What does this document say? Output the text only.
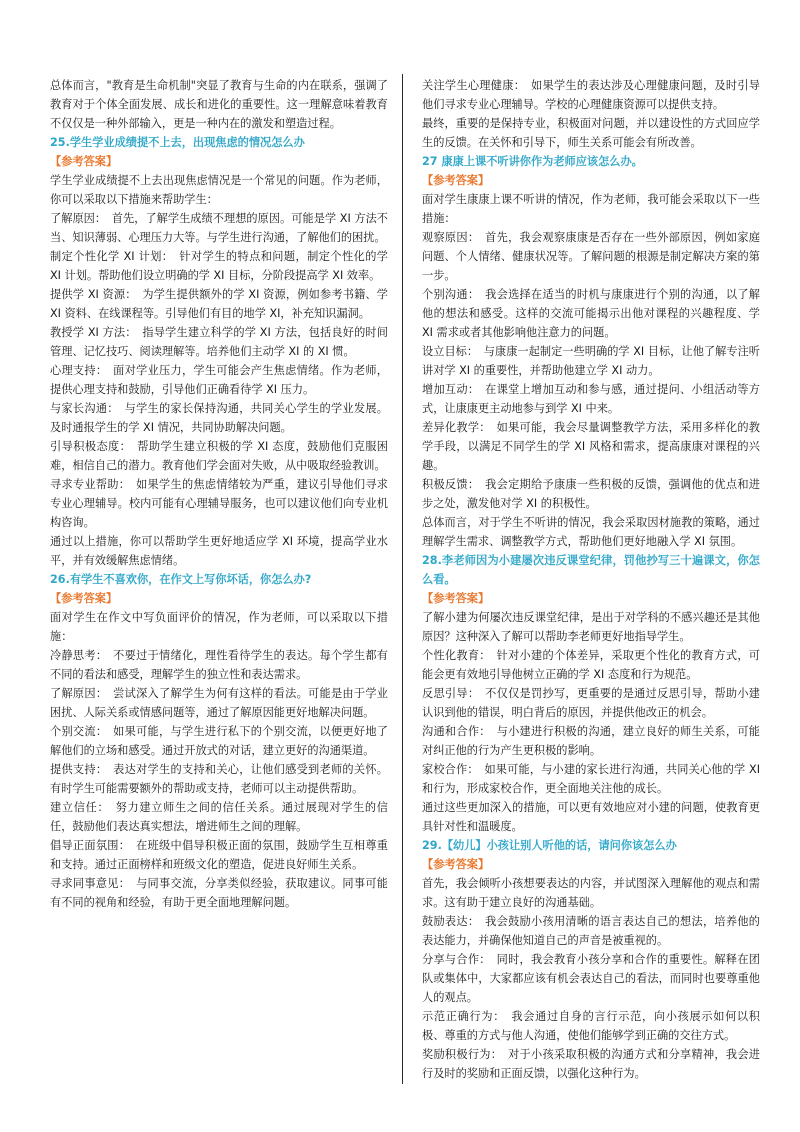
总体而言，"教育是生命机制"突显了教育与生命的内在联系，强调了教育对于个体全面发展、成长和进化的重要性。这一理解意味着教育不仅仅是一种外部输入，更是一种内在的激发和塑造过程。

25.学生学业成绩提不上去，出现焦虑的情况怎么办

【参考答案】

学生学业成绩提不上去出现焦虑情况是一个常见的问题。作为老师，你可以采取以下措施来帮助学生：

了解原因：　首先，了解学生成绩不理想的原因。可能是学 XI 方法不当、知识薄弱、心理压力大等。与学生进行沟通，了解他们的困扰。

制定个性化学 XI 计划：　针对学生的特点和问题，制定个性化的学 XI 计划。帮助他们设立明确的学 XI 目标，分阶段提高学 XI 效率。

提供学 XI 资源：　为学生提供额外的学 XI 资源，例如参考书籍、学 XI 资料、在线课程等。引导他们有目的地学 XI，补充知识漏洞。

教授学 XI 方法：　指导学生建立科学的学 XI 方法，包括良好的时间管理、记忆技巧、阅读理解等。培养他们主动学 XI 的 XI 惯。

心理支持：　面对学业压力，学生可能会产生焦虑情绪。作为老师，提供心理支持和鼓励，引导他们正确看待学 XI 压力。

与家长沟通：　与学生的家长保持沟通，共同关心学生的学业发展。及时通报学生的学 XI 情况，共同协助解决问题。

引导积极态度：　帮助学生建立积极的学 XI 态度，鼓励他们克服困难，相信自己的潜力。教育他们学会面对失败，从中吸取经验教训。

寻求专业帮助：　如果学生的焦虑情绪较为严重，建议引导他们寻求专业心理辅导。校内可能有心理辅导服务，也可以建议他们向专业机构咨询。

通过以上措施，你可以帮助学生更好地适应学 XI 环境，提高学业水平，并有效缓解焦虑情绪。

26.有学生不喜欢你，在作文上写你坏话，你怎么办?

【参考答案】

面对学生在作文中写负面评价的情况，作为老师，可以采取以下措施：

冷静思考：　不要过于情绪化，理性看待学生的表达。每个学生都有不同的看法和感受，理解学生的独立性和表达需求。

了解原因：　尝试深入了解学生为何有这样的看法。可能是由于学业困扰、人际关系或情感问题等，通过了解原因能更好地解决问题。

个别交流：　如果可能，与学生进行私下的个别交流，以便更好地了解他们的立场和感受。通过开放式的对话，建立更好的沟通渠道。

提供支持：　表达对学生的支持和关心，让他们感受到老师的关怀。有时学生可能需要额外的帮助或支持，老师可以主动提供帮助。

建立信任：　努力建立师生之间的信任关系。通过展现对学生的信任，鼓励他们表达真实想法，增进师生之间的理解。

倡导正面氛围：　在班级中倡导积极正面的氛围，鼓励学生互相尊重和支持。通过正面榜样和班级文化的塑造，促进良好师生关系。

寻求同事意见：　与同事交流，分享类似经验，获取建议。同事可能有不同的视角和经验，有助于更全面地理解问题。

关注学生心理健康：　如果学生的表达涉及心理健康问题，及时引导他们寻求专业心理辅导。学校的心理健康资源可以提供支持。

最终，重要的是保持专业，积极面对问题，并以建设性的方式回应学生的反馈。在关怀和引导下，师生关系可能会有所改善。

27 康康上课不听讲你作为老师应该怎么办。

【参考答案】

面对学生康康上课不听讲的情况，作为老师，我可能会采取以下一些措施：

观察原因：　首先，我会观察康康是否存在一些外部原因，例如家庭问题、个人情绪、健康状况等。了解问题的根源是制定解决方案的第一步。

个别沟通：　我会选择在适当的时机与康康进行个别的沟通，以了解他的想法和感受。这样的交流可能揭示出他对课程的兴趣程度、学 XI 需求或者其他影响他注意力的问题。

设立目标：　与康康一起制定一些明确的学 XI 目标，让他了解专注听讲对学 XI 的重要性，并帮助他建立学 XI 动力。

增加互动：　在课堂上增加互动和参与感，通过提问、小组活动等方式，让康康更主动地参与到学 XI 中来。

差异化教学：　如果可能，我会尽量调整教学方法，采用多样化的教学手段，以满足不同学生的学 XI 风格和需求，提高康康对课程的兴趣。

积极反馈：　我会定期给予康康一些积极的反馈，强调他的优点和进步之处，激发他对学 XI 的积极性。

总体而言，对于学生不听讲的情况，我会采取因材施教的策略，通过理解学生需求、调整教学方式，帮助他们更好地融入学 XI 氛围。

28.李老师因为小建屡次违反课堂纪律，罚他抄写三十遍课文，你怎么看。

【参考答案】

了解小建为何屡次违反课堂纪律，是出于对学科的不感兴趣还是其他原因？这种深入了解可以帮助李老师更好地指导学生。

个性化教育：　针对小建的个体差异，采取更个性化的教育方式，可能会更有效地引导他树立正确的学 XI 态度和行为规范。

反思引导：　不仅仅是罚抄写，更重要的是通过反思引导，帮助小建认识到他的错误，明白背后的原因，并提供他改正的机会。

沟通和合作：　与小建进行积极的沟通，建立良好的师生关系，可能对纠正他的行为产生更积极的影响。

家校合作：　如果可能，与小建的家长进行沟通，共同关心他的学 XI 和行为，形成家校合作，更全面地关注他的成长。

通过这些更加深入的措施，可以更有效地应对小建的问题，使教育更具针对性和温暖度。

29.【幼儿】小孩让别人听他的话，请问你该怎么办

【参考答案】

首先，我会倾听小孩想要表达的内容，并试图深入理解他的观点和需求。这有助于建立良好的沟通基础。

鼓励表达：　我会鼓励小孩用清晰的语言表达自己的想法，培养他的表达能力，并确保他知道自己的声音是被重视的。

分享与合作：　同时，我会教育小孩分享和合作的重要性。解释在团队或集体中，大家都应该有机会表达自己的看法，而同时也要尊重他人的观点。

示范正确行为：　我会通过自身的言行示范，向小孩展示如何以积极、尊重的方式与他人沟通，使他们能够学到正确的交往方式。

奖励积极行为：　对于小孩采取积极的沟通方式和分享精神，我会进行及时的奖励和正面反馈，以强化这种行为。
